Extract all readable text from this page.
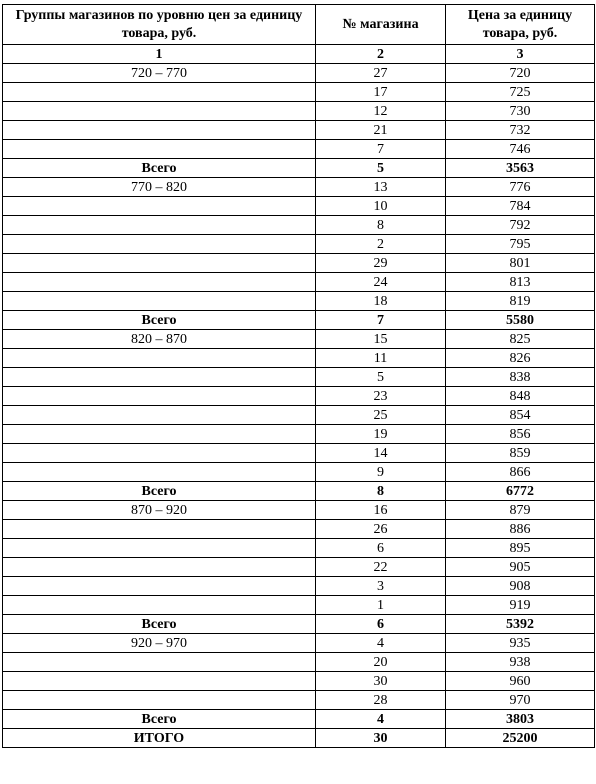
Группы магазинов по уровню цен за единицу товара, руб.	№ магазина	Цена за единицу товара, руб.
1	2	3
720 – 770	27	720
	17	725
	12	730
	21	732
	7	746
Всего	5	3563
770 – 820	13	776
	10	784
	8	792
	2	795
	29	801
	24	813
	18	819
Всего	7	5580
820 – 870	15	825
	11	826
	5	838
	23	848
	25	854
	19	856
	14	859
	9	866
Всего	8	6772
870 – 920	16	879
	26	886
	6	895
	22	905
	3	908
	1	919
Всего	6	5392
920 – 970	4	935
	20	938
	30	960
	28	970
Всего	4	3803
ИТОГО	30	25200
